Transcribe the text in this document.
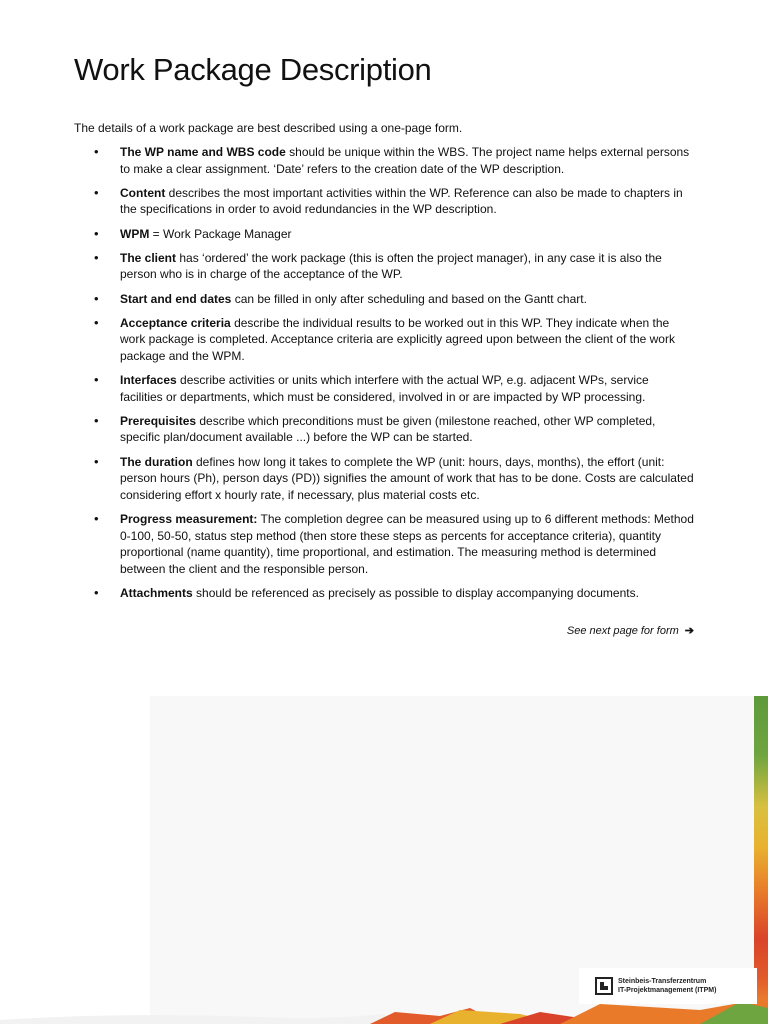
Work Package Description
The details of a work package are best described using a one-page form.
• The WP name and WBS code should be unique within the WBS. The project name helps external persons to make a clear assignment. ‘Date’ refers to the creation date of the WP description.
• Content describes the most important activities within the WP. Reference can also be made to chapters in the specifications in order to avoid redundancies in the WP description.
• WPM = Work Package Manager
• The client has ‘ordered’ the work package (this is often the project manager), in any case it is also the person who is in charge of the acceptance of the WP.
• Start and end dates can be filled in only after scheduling and based on the Gantt chart.
• Acceptance criteria describe the individual results to be worked out in this WP. They indicate when the work package is completed. Acceptance criteria are explicitly agreed upon between the client of the work package and the WPM.
• Interfaces describe activities or units which interfere with the actual WP, e.g. adjacent WPs, service facilities or departments, which must be considered, involved in or are impacted by WP processing.
• Prerequisites describe which preconditions must be given (milestone reached, other WP completed, specific plan/document available ...) before the WP can be started.
• The duration defines how long it takes to complete the WP (unit: hours, days, months), the effort (unit: person hours (Ph), person days (PD)) signifies the amount of work that has to be done. Costs are calculated considering effort x hourly rate, if necessary, plus material costs etc.
• Progress measurement: The completion degree can be measured using up to 6 different methods: Method 0-100, 50-50, status step method (then store these steps as percents for acceptance criteria), quantity proportional (name quantity), time proportional, and estimation. The measuring method is determined between the client and the responsible person.
• Attachments should be referenced as precisely as possible to display accompanying documents.
See next page for form ➔
Steinbeis-Transferzentrum
IT-Projektmanagement (ITPM)
